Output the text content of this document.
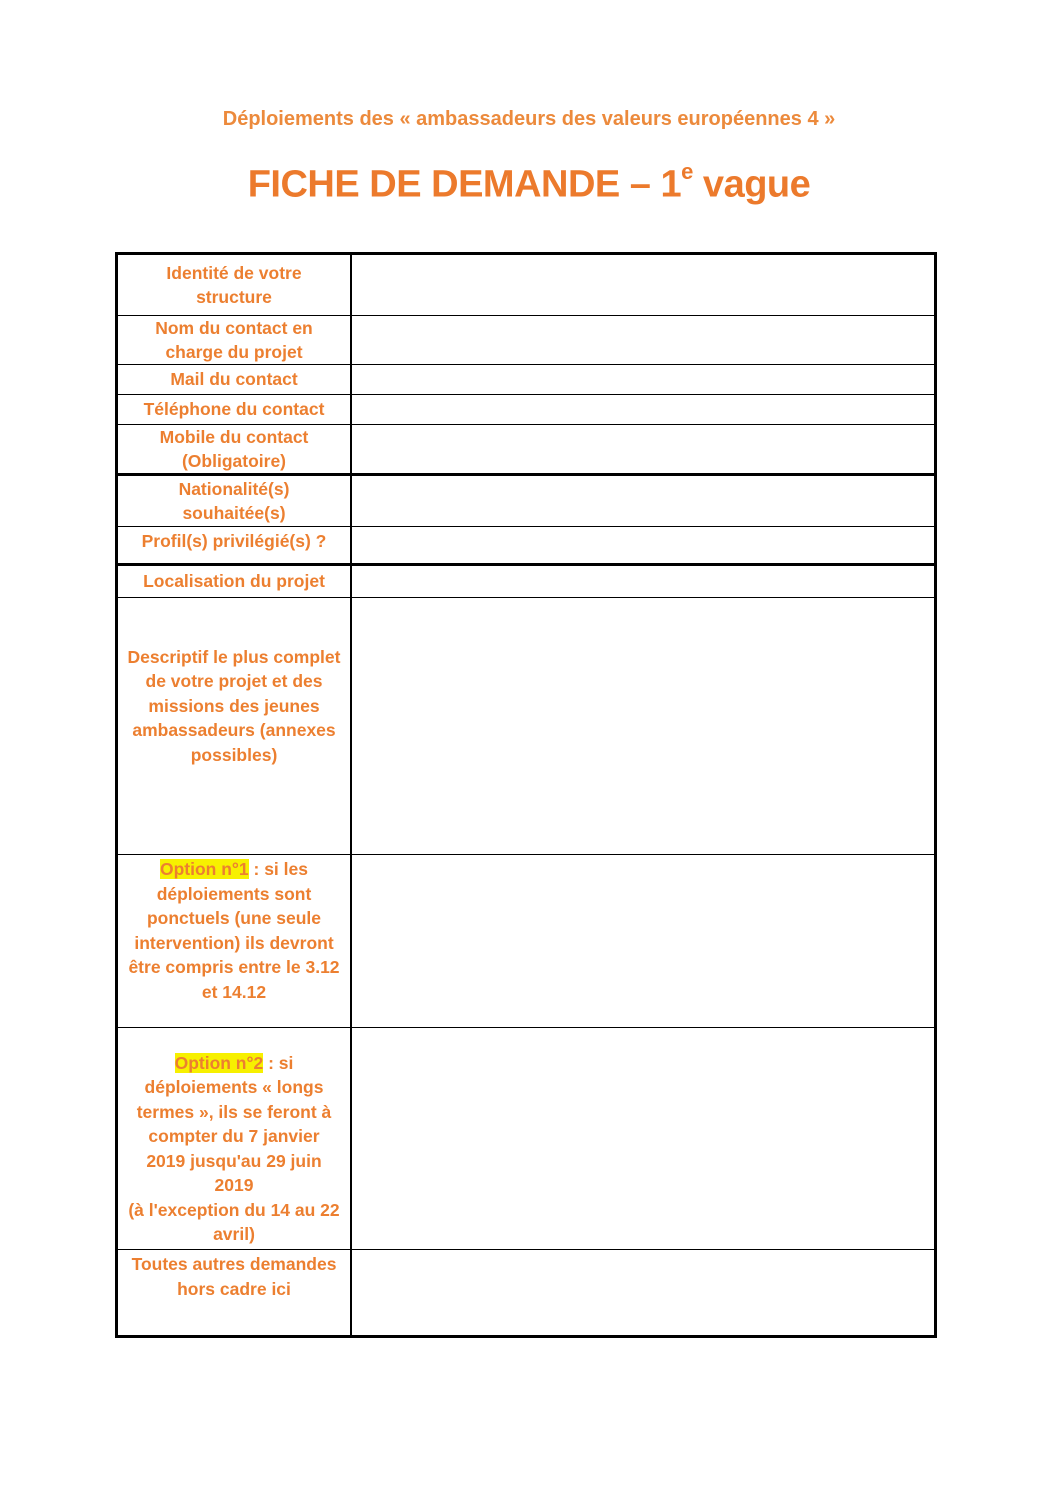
Déploiements des « ambassadeurs des valeurs européennes 4 »
FICHE DE DEMANDE – 1e vague
Identité de votre
structure
Nom du contact en
charge du projet
Mail du contact
Téléphone du contact
Mobile du contact
(Obligatoire)
Nationalité(s)
souhaitée(s)
Profil(s) privilégié(s) ?
Localisation du projet
Descriptif le plus complet
de votre projet et des
missions des jeunes
ambassadeurs (annexes
possibles)
Option n°1 : si les
déploiements sont
ponctuels (une seule
intervention) ils devront
être compris entre le 3.12
et 14.12
Option n°2 : si
déploiements « longs
termes », ils se feront à
compter du 7 janvier
2019 jusqu'au 29 juin
2019
(à l'exception du 14 au 22
avril)
Toutes autres demandes
hors cadre ici
